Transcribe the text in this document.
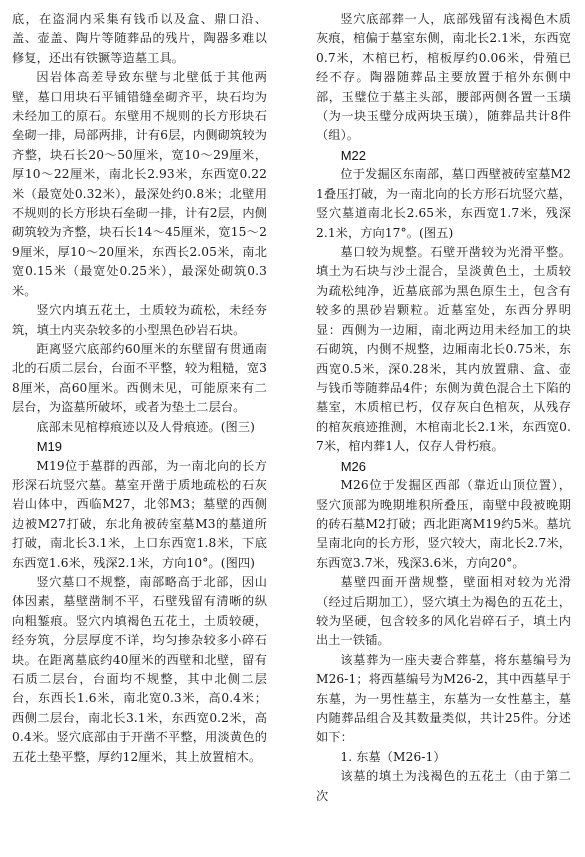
底，在盗洞内采集有钱币以及盒、鼎口沿、盖、壶盖、陶片等随葬品的残片，陶器多难以修复，还出有铁镢等造墓工具。

因岩体高差导致东壁与北壁低于其他两壁，墓口用块石平铺错缝垒砌齐平，块石均为未经加工的原石。东壁用不规则的长方形块石垒砌一排，局部两排，计有6层，内侧砌筑较为齐整，块石长20～50厘米，宽10～29厘米，厚10～22厘米，南北长2.93米，东西宽0.22米（最宽处0.32米），最深处约0.8米；北壁用不规则的长方形块石垒砌一排，计有2层，内侧砌筑较为齐整，块石长14～45厘米，宽15～29厘米，厚10～20厘米，东西长2.05米，南北宽0.15米（最宽处0.25米），最深处砌筑0.3米。

竖穴内填五花土，土质较为疏松，未经夯筑，填土内夹杂较多的小型黑色砂岩石块。

距离竖穴底部约60厘米的东壁留有贯通南北的石质二层台，台面不平整，较为粗糙，宽38厘米，高60厘米。西侧未见，可能原来有二层台，为盗墓所破坏，或者为垫土二层台。

底部未见棺椁痕迹以及人骨痕迹。(图三)

M19

M19位于墓群的西部，为一南北向的长方形深石坑竖穴墓。墓室开凿于质地疏松的石灰岩山体中，西临M27，北邻M3；墓壁的西侧边被M27打破，东北角被砖室墓M3的墓道所打破，南北长3.1米，上口东西宽1.8米，下底东西宽1.6米，残深2.1米，方向10°。(图四)

竖穴墓口不规整，南部略高于北部，因山体因素，墓壁凿制不平，石壁残留有清晰的纵向粗錾痕。竖穴内填褐色五花土，土质较硬，经夯筑，分层厚度不详，均匀掺杂较多小碎石块。在距离墓底约40厘米的西壁和北壁，留有石质二层台，台面均不规整，其中北侧二层台，东西长1.6米，南北宽0.3米，高0.4米；西侧二层台，南北长3.1米，东西宽0.2米，高0.4米。竖穴底部由于开凿不平整，用淡黄色的五花土垫平整，厚约12厘米，其上放置棺木。

竖穴底部葬一人，底部残留有浅褐色木质灰痕，棺偏于墓室东侧，南北长2.1米，东西宽0.7米，木棺已朽，棺板厚约0.06米，骨殖已经不存。陶器随葬品主要放置于棺外东侧中部，玉璧位于墓主头部，腰部两侧各置一玉璜（为一块玉璧分成两块玉璜），随葬品共计8件（组）。

M22

位于发掘区东南部，墓口西壁被砖室墓M21叠压打破，为一南北向的长方形石坑竖穴墓，竖穴墓道南北长2.65米，东西宽1.7米，残深2.1米，方向17°。(图五)

墓口较为规整。石壁开凿较为光滑平整。填土为石块与沙土混合，呈淡黄色土，土质较为疏松纯净，近墓底部为黑色原生土，包含有较多的黑砂岩颗粒。近墓室处，东西分界明显：西侧为一边厢，南北两边用未经加工的块石砌筑，内侧不规整，边厢南北长0.75米，东西宽0.5米，深0.28米，其内放置鼎、盒、壶与钱币等随葬品4件；东侧为黄色混合土下陷的墓室，木质棺已朽，仅存灰白色棺灰，从残存的棺灰痕迹推测，木棺南北长2.1米，东西宽0.7米，棺内葬1人，仅存人骨朽痕。

M26

M26位于发掘区西部（靠近山顶位置），竖穴顶部为晚期堆积所叠压，南壁中段被晚期的砖石墓M2打破；西北距离M19约5米。墓坑呈南北向的长方形，竖穴较大，南北长2.7米，东西宽3.7米，残深3.6米，方向20°。

墓壁四面开凿规整，壁面相对较为光滑（经过后期加工），竖穴填土为褐色的五花土，较为坚硬，包含较多的风化岩碎石子，填土内出土一铁锸。

该墓葬为一座夫妻合葬墓，将东墓编号为M26-1；将西墓编号为M26-2，其中西墓早于东墓，为一男性墓主，东墓为一女性墓主，墓内随葬品组合及其数量类似，共计25件。分述如下：

1. 东墓（M26-1）

该墓的填土为浅褐色的五花土（由于第二次
